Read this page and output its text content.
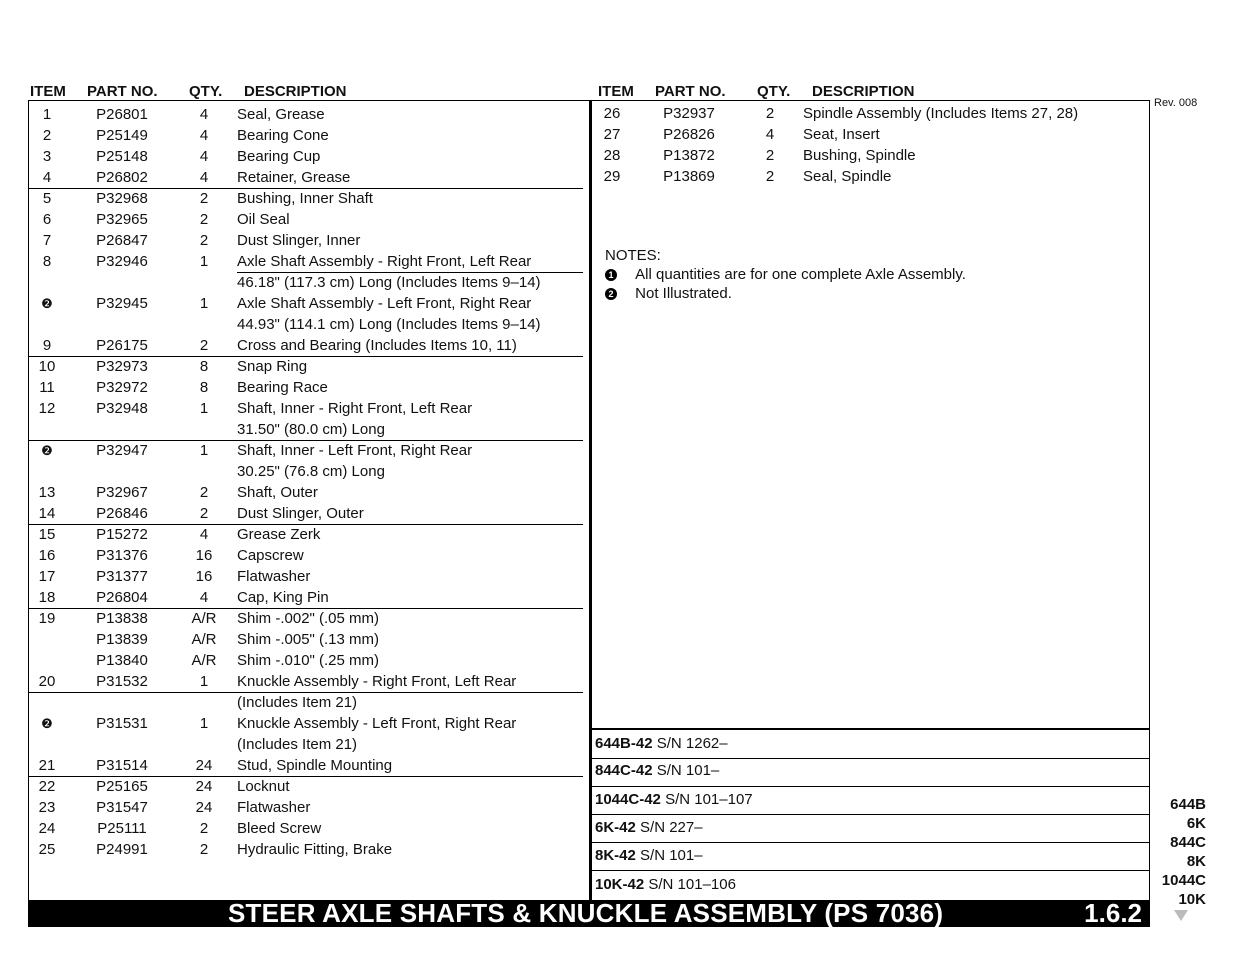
ITEM PART NO. QTY. DESCRIPTION	ITEM PART NO. QTY. DESCRIPTION
Rev. 008
1	P26801	4	Seal, Grease
2	P25149	4	Bearing Cone
3	P25148	4	Bearing Cup
4	P26802	4	Retainer, Grease
5	P32968	2	Bushing, Inner Shaft
6	P32965	2	Oil Seal
7	P26847	2	Dust Slinger, Inner
8	P32946	1	Axle Shaft Assembly - Right Front, Left Rear
46.18" (117.3 cm) Long (Includes Items 9–14)
❷	P32945	1	Axle Shaft Assembly - Left Front, Right Rear
44.93" (114.1 cm) Long (Includes Items 9–14)
9	P26175	2	Cross and Bearing (Includes Items 10, 11)
10	P32973	8	Snap Ring
11	P32972	8	Bearing Race
12	P32948	1	Shaft, Inner - Right Front, Left Rear
31.50" (80.0 cm) Long
❷	P32947	1	Shaft, Inner - Left Front, Right Rear
30.25" (76.8 cm) Long
13	P32967	2	Shaft, Outer
14	P26846	2	Dust Slinger, Outer
15	P15272	4	Grease Zerk
16	P31376	16	Capscrew
17	P31377	16	Flatwasher
18	P26804	4	Cap, King Pin
19	P13838	A/R Shim -.002" (.05 mm)
P13839	A/R Shim -.005" (.13 mm)
P13840	A/R Shim -.010" (.25 mm)
20	P31532	1	Knuckle Assembly - Right Front, Left Rear
(Includes Item 21)
❷	P31531	1	Knuckle Assembly - Left Front, Right Rear
(Includes Item 21)
21	P31514	24	Stud, Spindle Mounting
22	P25165	24	Locknut
23	P31547	24	Flatwasher
24	P25111	2	Bleed Screw
25	P24991	2	Hydraulic Fitting, Brake
26	P32937	2	Spindle Assembly (Includes Items 27, 28)
27	P26826	4	Seat, Insert
28	P13872	2	Bushing, Spindle
29	P13869	2	Seal, Spindle
NOTES:
1 All quantities are for one complete Axle Assembly.
2 Not Illustrated.
644B-42 S/N 1262–
844C-42 S/N 101–
1044C-42 S/N 101–107
6K-42 S/N 227–
8K-42 S/N 101–
10K-42 S/N 101–106
644B
6K
844C
8K
1044C
10K
STEER AXLE SHAFTS & KNUCKLE ASSEMBLY (PS 7036)	1.6.2
